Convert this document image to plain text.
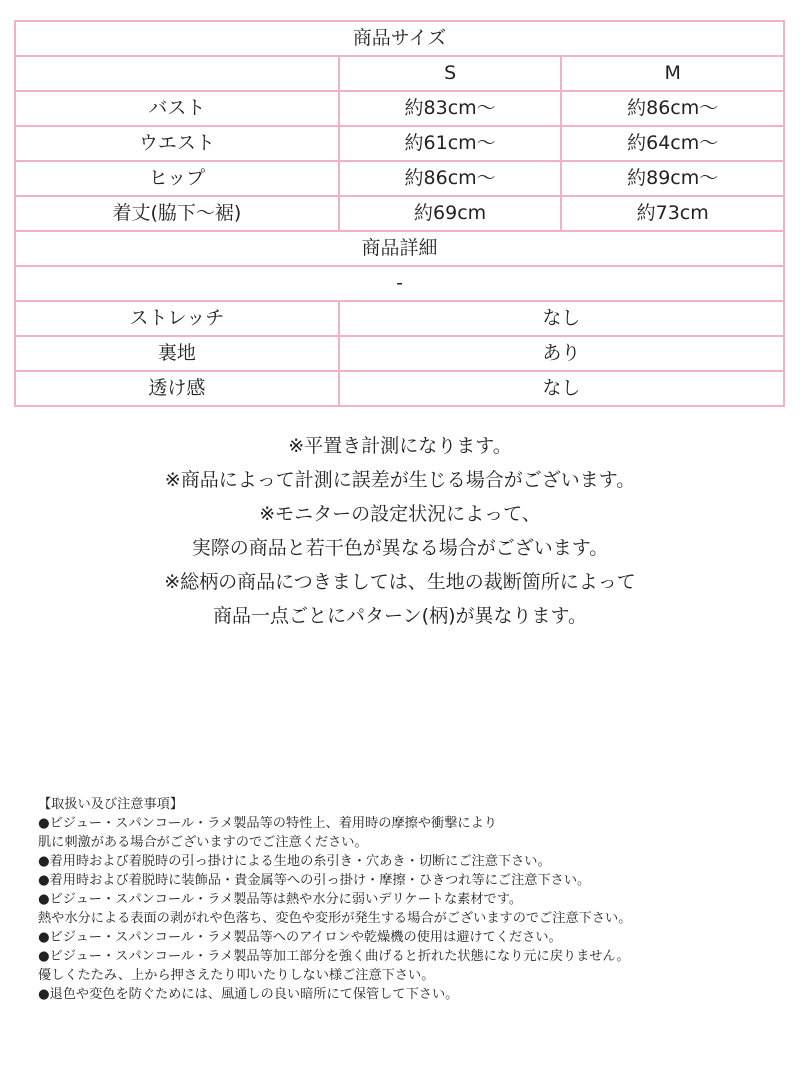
商品サイズ		
	S	M
バスト	約83cm～	約86cm～
ウエスト	約61cm～	約64cm～
ヒップ	約86cm～	約89cm～
着丈(脇下～裾)	約69cm	約73cm
商品詳細		
-		
ストレッチ	なし	
裏地	あり	
透け感	なし	
※平置き計測になります。
※商品によって計測に誤差が生じる場合がございます。
※モニターの設定状況によって、
実際の商品と若干色が異なる場合がございます。
※総柄の商品につきましては、生地の裁断箇所によって
商品一点ごとにパターン(柄)が異なります。
【取扱い及び注意事項】
●ビジュー・スパンコール・ラメ製品等の特性上、着用時の摩擦や衝撃により
肌に刺激がある場合がございますのでご注意ください。
●着用時および着脱時の引っ掛けによる生地の糸引き・穴あき・切断にご注意下さい。
●着用時および着脱時に装飾品・貴金属等への引っ掛け・摩擦・ひきつれ等にご注意下さい。
●ビジュー・スパンコール・ラメ製品等は熱や水分に弱いデリケートな素材です。
熱や水分による表面の剥がれや色落ち、変色や変形が発生する場合がございますのでご注意下さい。
●ビジュー・スパンコール・ラメ製品等へのアイロンや乾燥機の使用は避けてください。
●ビジュー・スパンコール・ラメ製品等加工部分を強く曲げると折れた状態になり元に戻りません。
優しくたたみ、上から押さえたり叩いたりしない様ご注意下さい。
●退色や変色を防ぐためには、風通しの良い暗所にて保管して下さい。
